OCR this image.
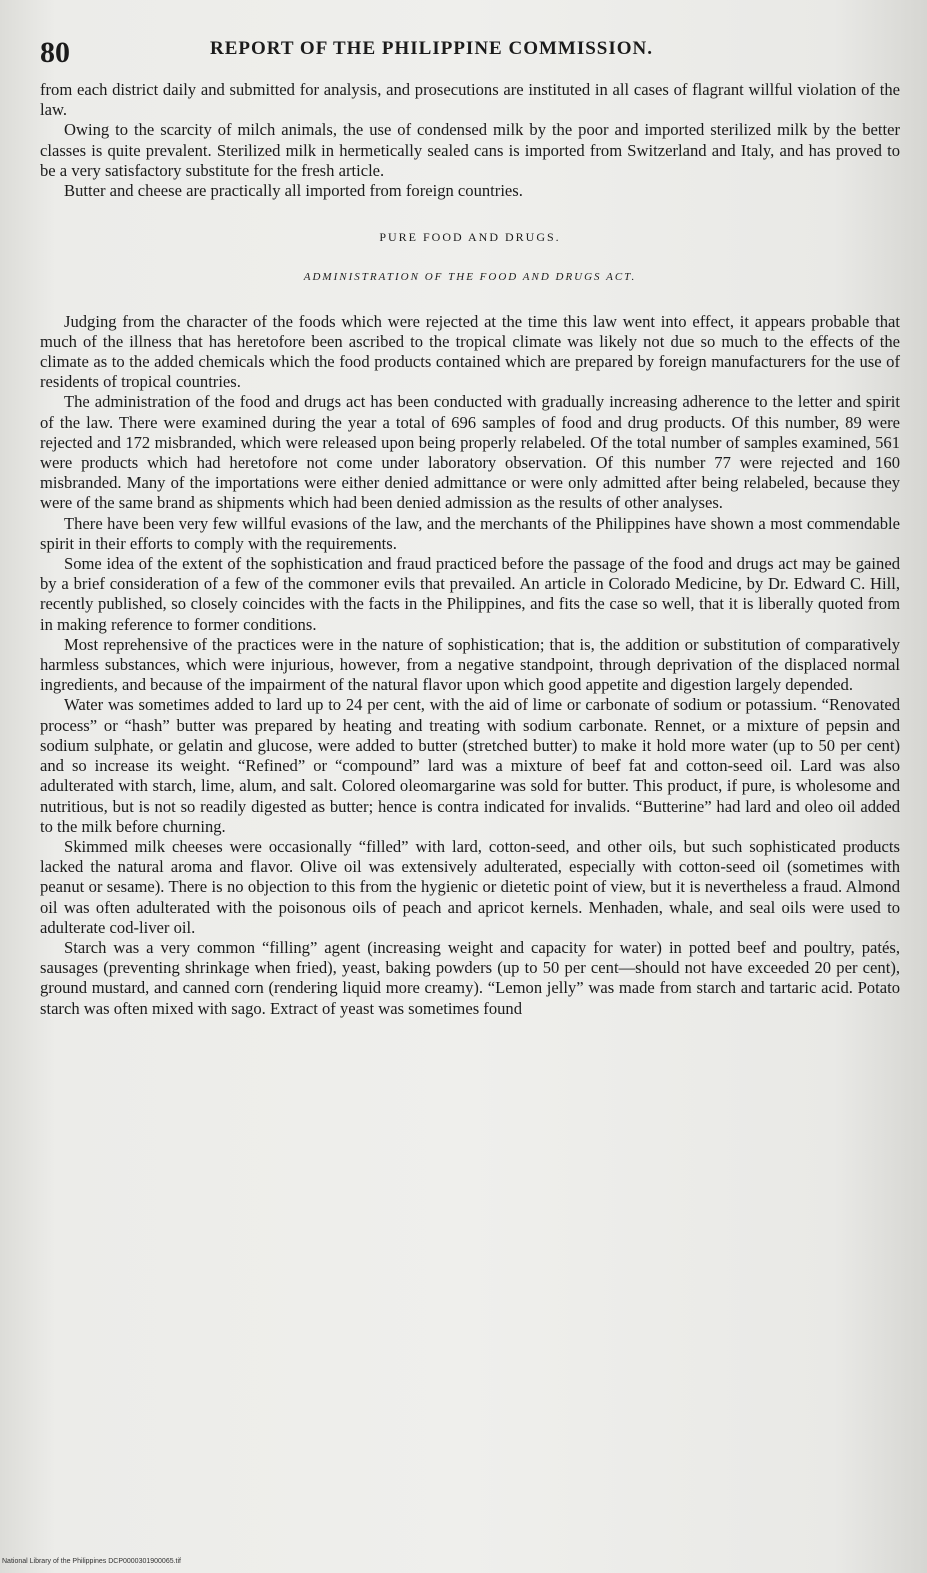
80	REPORT OF THE PHILIPPINE COMMISSION.

from each district daily and submitted for analysis, and prosecutions are instituted in all cases of flagrant willful violation of the law.

Owing to the scarcity of milch animals, the use of condensed milk by the poor and imported sterilized milk by the better classes is quite prevalent. Sterilized milk in hermetically sealed cans is imported from Switzerland and Italy, and has proved to be a very satisfactory substitute for the fresh article.

Butter and cheese are practically all imported from foreign countries.

PURE FOOD AND DRUGS.
ADMINISTRATION OF THE FOOD AND DRUGS ACT.

Judging from the character of the foods which were rejected at the time this law went into effect, it appears probable that much of the illness that has heretofore been ascribed to the tropical climate was likely not due so much to the effects of the climate as to the added chemicals which the food products contained which are prepared by foreign manufacturers for the use of residents of tropical countries.

The administration of the food and drugs act has been conducted with gradually increasing adherence to the letter and spirit of the law. There were examined during the year a total of 696 samples of food and drug products. Of this number, 89 were rejected and 172 misbranded, which were released upon being properly relabeled. Of the total number of samples examined, 561 were products which had heretofore not come under laboratory observation. Of this number 77 were rejected and 160 misbranded. Many of the importations were either denied admittance or were only admitted after being relabeled, because they were of the same brand as shipments which had been denied admission as the results of other analyses.

There have been very few willful evasions of the law, and the merchants of the Philippines have shown a most commendable spirit in their efforts to comply with the requirements.

Some idea of the extent of the sophistication and fraud practiced before the passage of the food and drugs act may be gained by a brief consideration of a few of the commoner evils that prevailed. An article in Colorado Medicine, by Dr. Edward C. Hill, recently published, so closely coincides with the facts in the Philippines, and fits the case so well, that it is liberally quoted from in making reference to former conditions.

Most reprehensive of the practices were in the nature of sophistication; that is, the addition or substitution of comparatively harmless substances, which were injurious, however, from a negative standpoint, through deprivation of the displaced normal ingredients, and because of the impairment of the natural flavor upon which good appetite and digestion largely depended.

Water was sometimes added to lard up to 24 per cent, with the aid of lime or carbonate of sodium or potassium. “Renovated process” or “hash” butter was prepared by heating and treating with sodium carbonate. Rennet, or a mixture of pepsin and sodium sulphate, or gelatin and glucose, were added to butter (stretched butter) to make it hold more water (up to 50 per cent) and so increase its weight. “Refined” or “compound” lard was a mixture of beef fat and cotton-seed oil. Lard was also adulterated with starch, lime, alum, and salt. Colored oleomargarine was sold for butter. This product, if pure, is wholesome and nutritious, but is not so readily digested as butter; hence is contra indicated for invalids. “Butterine” had lard and oleo oil added to the milk before churning.

Skimmed milk cheeses were occasionally “filled” with lard, cotton-seed, and other oils, but such sophisticated products lacked the natural aroma and flavor. Olive oil was extensively adulterated, especially with cotton-seed oil (sometimes with peanut or sesame). There is no objection to this from the hygienic or dietetic point of view, but it is nevertheless a fraud. Almond oil was often adulterated with the poisonous oils of peach and apricot kernels. Menhaden, whale, and seal oils were used to adulterate cod-liver oil.

Starch was a very common “filling” agent (increasing weight and capacity for water) in potted beef and poultry, patés, sausages (preventing shrinkage when fried), yeast, baking powders (up to 50 per cent—should not have exceeded 20 per cent), ground mustard, and canned corn (rendering liquid more creamy). “Lemon jelly” was made from starch and tartaric acid. Potato starch was often mixed with sago. Extract of yeast was sometimes found

National Library of the Philippines DCP0000301900065.tif
